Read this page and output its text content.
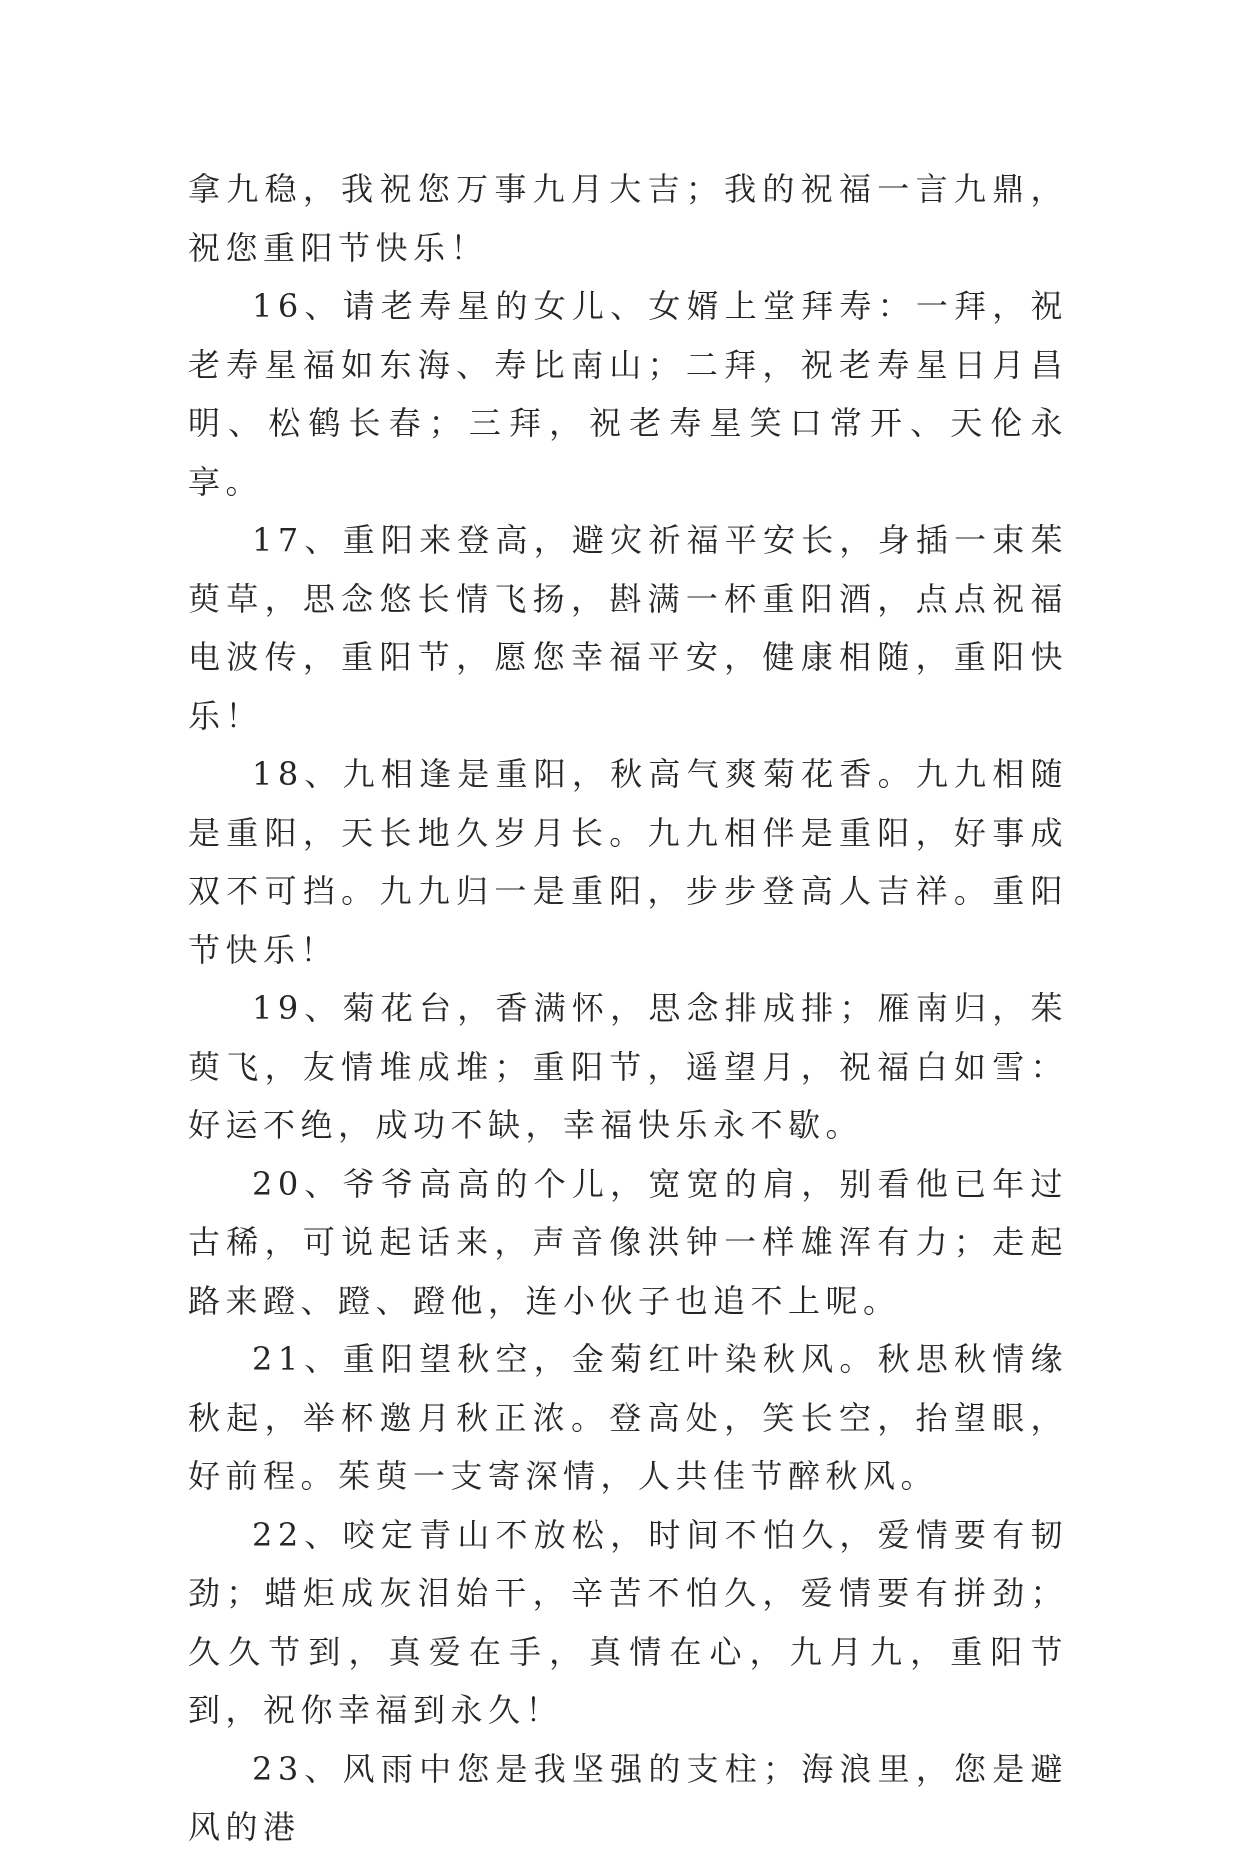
拿九稳，我祝您万事九月大吉；我的祝福一言九鼎，祝您重阳节快乐！

16、请老寿星的女儿、女婿上堂拜寿：一拜，祝老寿星福如东海、寿比南山；二拜，祝老寿星日月昌明、松鹤长春；三拜，祝老寿星笑口常开、天伦永享。

17、重阳来登高，避灾祈福平安长，身插一束茱萸草，思念悠长情飞扬，斟满一杯重阳酒，点点祝福电波传，重阳节，愿您幸福平安，健康相随，重阳快乐！

18、九相逢是重阳，秋高气爽菊花香。九九相随是重阳，天长地久岁月长。九九相伴是重阳，好事成双不可挡。九九归一是重阳，步步登高人吉祥。重阳节快乐！

19、菊花台，香满怀，思念排成排；雁南归，茱萸飞，友情堆成堆；重阳节，遥望月，祝福白如雪：好运不绝，成功不缺，幸福快乐永不歇。

20、爷爷高高的个儿，宽宽的肩，别看他已年过古稀，可说起话来，声音像洪钟一样雄浑有力；走起路来蹬、蹬、蹬他，连小伙子也追不上呢。

21、重阳望秋空，金菊红叶染秋风。秋思秋情缘秋起，举杯邀月秋正浓。登高处，笑长空，抬望眼，好前程。茱萸一支寄深情，人共佳节醉秋风。

22、咬定青山不放松，时间不怕久，爱情要有韧劲；蜡炬成灰泪始干，辛苦不怕久，爱情要有拼劲；久久节到，真爱在手，真情在心，九月九，重阳节到，祝你幸福到永久！

23、风雨中您是我坚强的支柱；海浪里，您是避风的港
